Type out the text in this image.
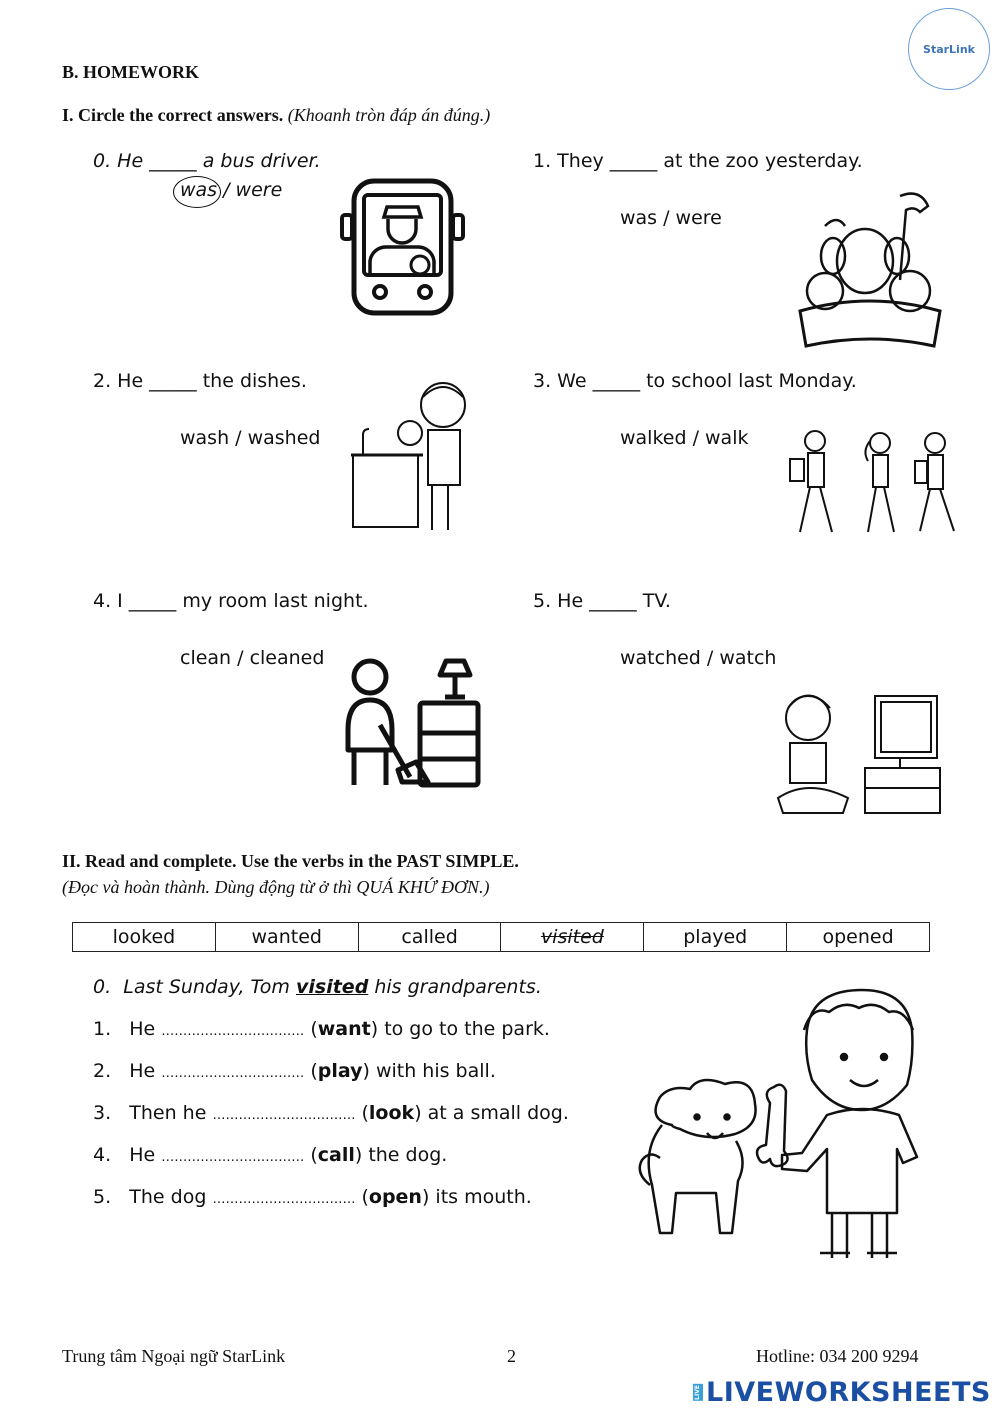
StarLink
B. HOMEWORK
I. Circle the correct answers. (Khoanh tròn đáp án đúng.)
0. He _____ a bus driver.
was / were
1. They _____ at the zoo yesterday.
was / were
2. He _____ the dishes.
wash / washed
3. We _____ to school last Monday.
walked / walk
4. I _____ my room last night.
clean / cleaned
5. He _____ TV.
watched / watch
II. Read and complete. Use the verbs in the PAST SIMPLE.
(Đọc và hoàn thành. Dùng động từ ở thì QUÁ KHỨ ĐƠN.)
looked	wanted	called	visited	played	opened
0. Last Sunday, Tom visited his grandparents.
1. He …………………………… (want) to go to the park.
2. He …………………………… (play) with his ball.
3. Then he …………………………… (look) at a small dog.
4. He …………………………… (call) the dog.
5. The dog …………………………… (open) its mouth.
Trung tâm Ngoại ngữ StarLink	2	Hotline: 034 200 9294
LIVE LIVEWORKSHEETS
